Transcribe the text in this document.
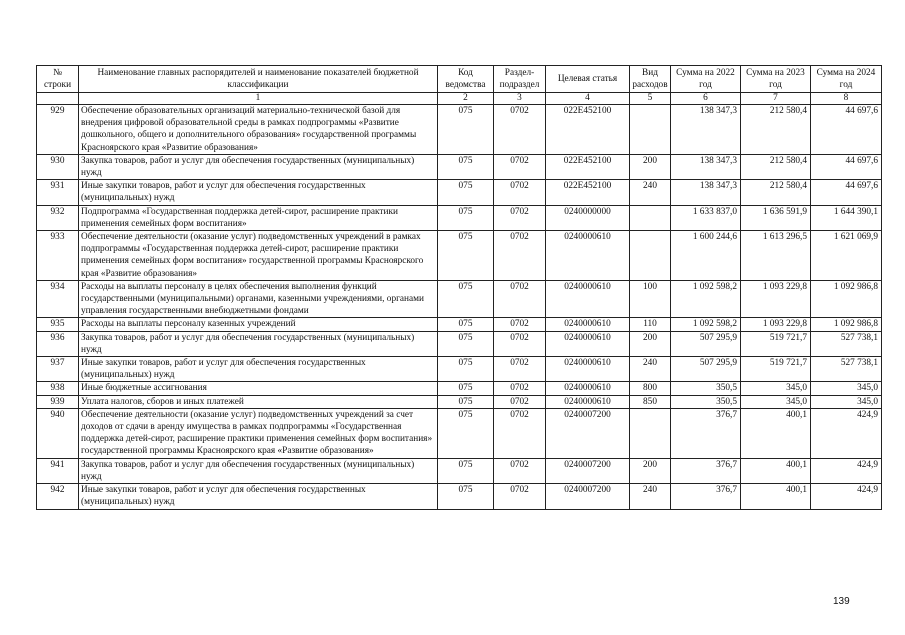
№ строки	Наименование главных распорядителей и наименование показателей бюджетной классификации	Код ведомства	Раздел-подраздел	Целевая статья	Вид расходов	Сумма на 2022 год	Сумма на 2023 год	Сумма на 2024 год
	1	2	3	4	5	6	7	8
929	Обеспечение образовательных организаций материально-технической базой для внедрения цифровой образовательной среды в рамках подпрограммы «Развитие дошкольного, общего и дополнительного образования» государственной программы Красноярского края «Развитие образования»	075	0702	022E452100		138 347,3	212 580,4	44 697,6
930	Закупка товаров, работ и услуг для обеспечения государственных (муниципальных) нужд	075	0702	022E452100	200	138 347,3	212 580,4	44 697,6
931	Иные закупки товаров, работ и услуг для обеспечения государственных (муниципальных) нужд	075	0702	022E452100	240	138 347,3	212 580,4	44 697,6
932	Подпрограмма «Государственная поддержка детей-сирот, расширение практики применения семейных форм воспитания»	075	0702	0240000000		1 633 837,0	1 636 591,9	1 644 390,1
933	Обеспечение деятельности (оказание услуг) подведомственных учреждений в рамках подпрограммы «Государственная поддержка детей-сирот, расширение практики применения семейных форм воспитания» государственной программы Красноярского края «Развитие образования»	075	0702	0240000610		1 600 244,6	1 613 296,5	1 621 069,9
934	Расходы на выплаты персоналу в целях обеспечения выполнения функций государственными (муниципальными) органами, казенными учреждениями, органами управления государственными внебюджетными фондами	075	0702	0240000610	100	1 092 598,2	1 093 229,8	1 092 986,8
935	Расходы на выплаты персоналу казенных учреждений	075	0702	0240000610	110	1 092 598,2	1 093 229,8	1 092 986,8
936	Закупка товаров, работ и услуг для обеспечения государственных (муниципальных) нужд	075	0702	0240000610	200	507 295,9	519 721,7	527 738,1
937	Иные закупки товаров, работ и услуг для обеспечения государственных (муниципальных) нужд	075	0702	0240000610	240	507 295,9	519 721,7	527 738,1
938	Иные бюджетные ассигнования	075	0702	0240000610	800	350,5	345,0	345,0
939	Уплата налогов, сборов и иных платежей	075	0702	0240000610	850	350,5	345,0	345,0
940	Обеспечение деятельности (оказание услуг) подведомственных учреждений за счет доходов от сдачи в аренду имущества в рамках подпрограммы «Государственная поддержка детей-сирот, расширение практики применения семейных форм воспитания» государственной программы Красноярского края «Развитие образования»	075	0702	0240007200		376,7	400,1	424,9
941	Закупка товаров, работ и услуг для обеспечения государственных (муниципальных) нужд	075	0702	0240007200	200	376,7	400,1	424,9
942	Иные закупки товаров, работ и услуг для обеспечения государственных (муниципальных) нужд	075	0702	0240007200	240	376,7	400,1	424,9
139
